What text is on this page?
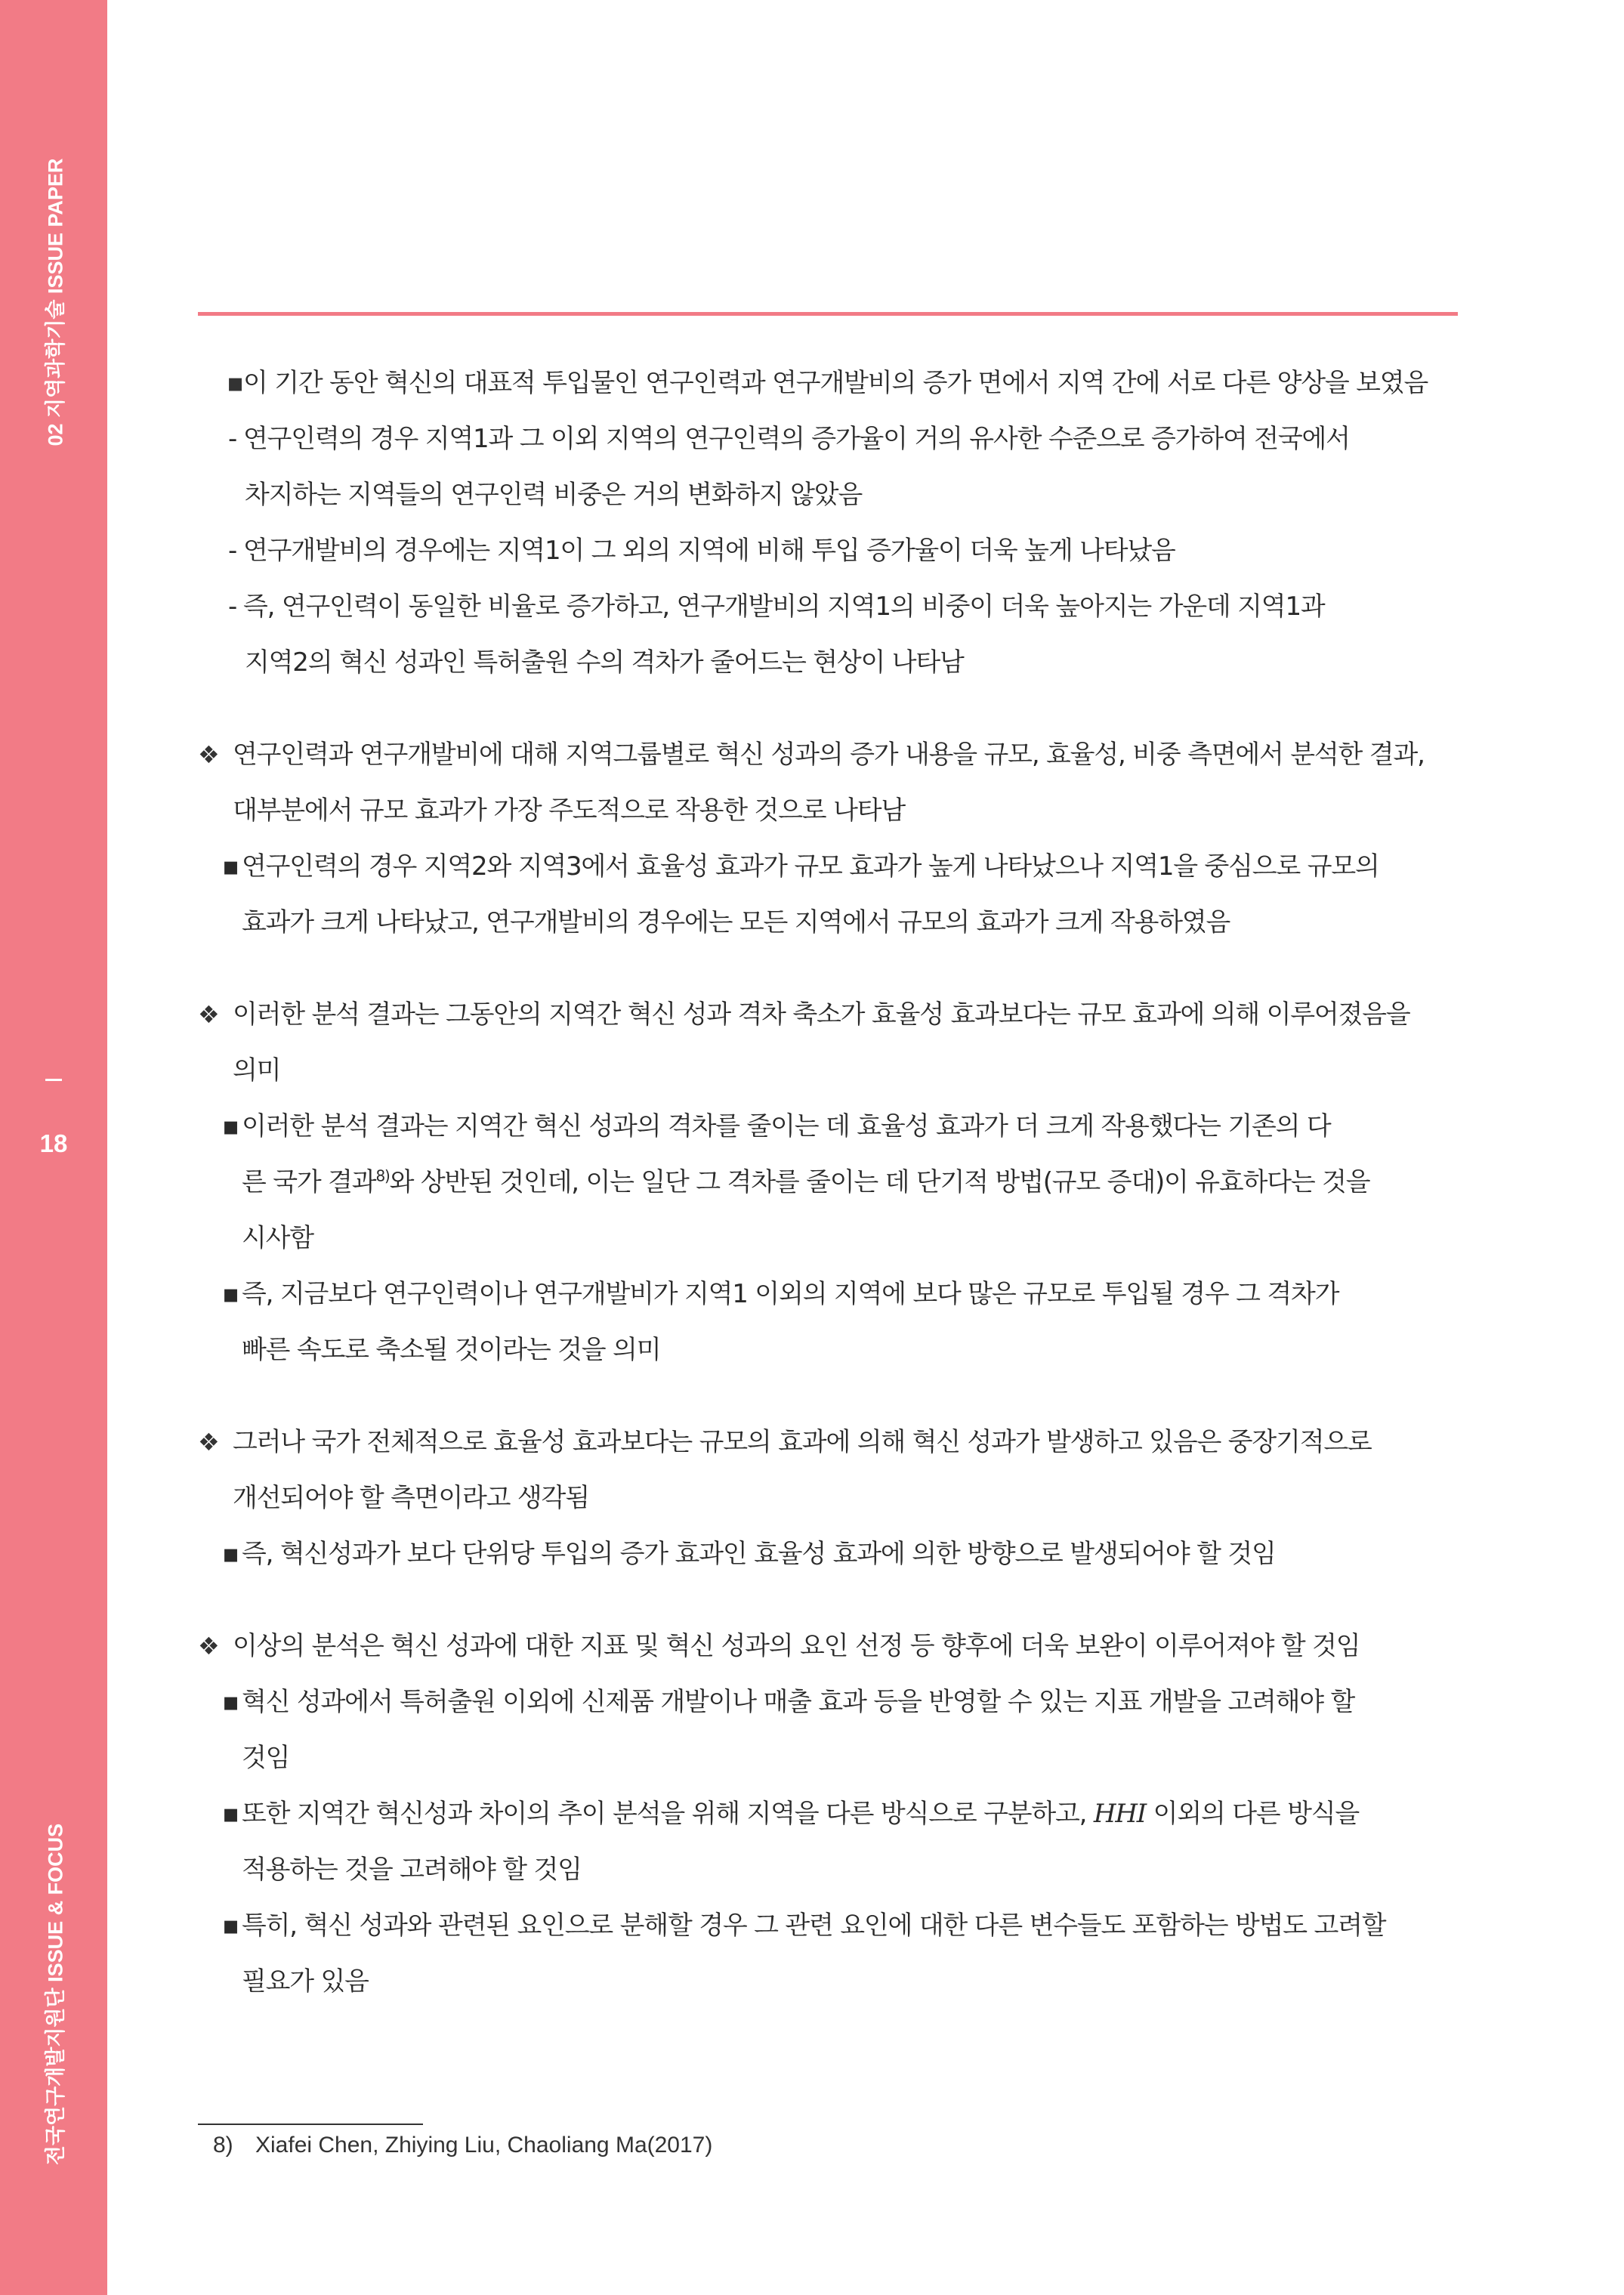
02 지역과학기술 ISSUE PAPER
18
전국연구개발지원단 ISSUE & FOCUS
▪ 이 기간 동안 혁신의 대표적 투입물인 연구인력과 연구개발비의 증가 면에서 지역 간에 서로 다른 양상을 보였음
- 연구인력의 경우 지역1과 그 이외 지역의 연구인력의 증가율이 거의 유사한 수준으로 증가하여 전국에서
차지하는 지역들의 연구인력 비중은 거의 변화하지 않았음
- 연구개발비의 경우에는 지역1이 그 외의 지역에 비해 투입 증가율이 더욱 높게 나타났음
- 즉, 연구인력이 동일한 비율로 증가하고, 연구개발비의 지역1의 비중이 더욱 높아지는 가운데 지역1과
지역2의 혁신 성과인 특허출원 수의 격차가 줄어드는 현상이 나타남
❖ 연구인력과 연구개발비에 대해 지역그룹별로 혁신 성과의 증가 내용을 규모, 효율성, 비중 측면에서 분석한 결과,
대부분에서 규모 효과가 가장 주도적으로 작용한 것으로 나타남
▪ 연구인력의 경우 지역2와 지역3에서 효율성 효과가 규모 효과가 높게 나타났으나 지역1을 중심으로 규모의
효과가 크게 나타났고, 연구개발비의 경우에는 모든 지역에서 규모의 효과가 크게 작용하였음
❖ 이러한 분석 결과는 그동안의 지역간 혁신 성과 격차 축소가 효율성 효과보다는 규모 효과에 의해 이루어졌음을
의미
▪ 이러한 분석 결과는 지역간 혁신 성과의 격차를 줄이는 데 효율성 효과가 더 크게 작용했다는 기존의 다
른 국가 결과$^{8)}$와 상반된 것인데, 이는 일단 그 격차를 줄이는 데 단기적 방법(규모 증대)이 유효하다는 것을
시사함
▪ 즉, 지금보다 연구인력이나 연구개발비가 지역1 이외의 지역에 보다 많은 규모로 투입될 경우 그 격차가
빠른 속도로 축소될 것이라는 것을 의미
❖ 그러나 국가 전체적으로 효율성 효과보다는 규모의 효과에 의해 혁신 성과가 발생하고 있음은 중장기적으로
개선되어야 할 측면이라고 생각됨
▪ 즉, 혁신성과가 보다 단위당 투입의 증가 효과인 효율성 효과에 의한 방향으로 발생되어야 할 것임
❖ 이상의 분석은 혁신 성과에 대한 지표 및 혁신 성과의 요인 선정 등 향후에 더욱 보완이 이루어져야 할 것임
▪ 혁신 성과에서 특허출원 이외에 신제품 개발이나 매출 효과 등을 반영할 수 있는 지표 개발을 고려해야 할
것임
▪ 또한 지역간 혁신성과 차이의 추이 분석을 위해 지역을 다른 방식으로 구분하고, HHI 이외의 다른 방식을
적용하는 것을 고려해야 할 것임
▪ 특히, 혁신 성과와 관련된 요인으로 분해할 경우 그 관련 요인에 대한 다른 변수들도 포함하는 방법도 고려할
필요가 있음
8) Xiafei Chen, Zhiying Liu, Chaoliang Ma(2017)
